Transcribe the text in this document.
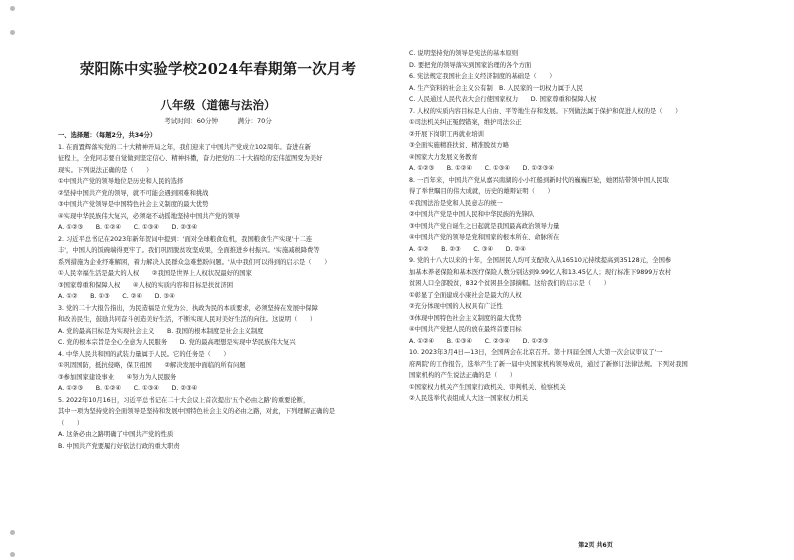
荥阳陈中实验学校2024年春期第一次月考
八年级（道德与法治）
考试时间：60分钟　　　满分：70分
一、选择题：（每题2分，共34分）
1. 在面置辉落实党的二十大精神开局之年，我们迎来了中国共产党成立102周年。奋进在新
征程上，全党同志要自觉做到坚定信心、精神抖擞，奋力把党的二十大描绘的宏伟蓝图变为美好
现实。下列说法正确的是（　　）
①中国共产党的领导地位是历史和人民的选择
②坚持中国共产党的领导，就不可能会遇到困难和挑战
③中国共产党领导是中国特色社会主义制度的最大优势
④实现中华民族伟大复兴，必须毫不动摇地坚持中国共产党的领导
A. ①②③　　B. ①②④　　C. ①③④　　D. ②③④
2. 习近平总书记在2023年新年贺词中提到：'面对全球粮食危机，我国粮食生产实现'十二连
丰'，中国人的饭碗端得更牢了。我们巩固脱贫攻坚成果，全面推进乡村振兴。'实施减税降费等
系列措施为企业纾难解困，着力解决人民群众急难愁盼问题。'从中我们可以得到的启示是（　　）
①人民幸福生活是最大的人权　　②我国是世界上人权状况最好的国家
③国家尊重和保障人权　　④人权的实质内容和目标是扶贫济困
A. ①②　　B. ①③　　C. ②④　　D. ③④
3. 党的二十大报告指出，为民造福是立党为公、执政为民的本质要求，必须坚持在发展中保障
和改善民生，鼓励共同奋斗创造美好生活，不断实现人民对美好生活的向往。这说明（　　）
A. 党的最高目标是为实现社会主义　　B. 我国的根本制度是社会主义制度
C. 党的根本宗旨是全心全意为人民服务　　D. 党的最高理想是实现中华民族伟大复兴
4. 中华人民共和国的武装力量属于人民。它的任务是（　　）
①巩固国防，抵抗侵略，保卫祖国　　②解决发展中面临的所有问题
③参加国家建设事业　　④努力为人民服务
A. ①②③　　B. ①②④　　C. ①③④　　D. ②③④
5. 2022年10月16日，习近平总书记在二十大会议上首次提出'五个必由之路'的重要论断，
其中一项为坚持党的全面领导是坚持和发展中国特色社会主义的必由之路，对此，下列理解正确的是
（　　）
A. 这条必由之路明确了中国共产党的性质
B. 中国共产党要履行好依法行政的重大职责
C. 说明坚持党的领导是宪法的基本原则
D. 要把党的领导落实到国家治理的各个方面
6. 宪法规定我国社会主义经济制度的基础是（　　）
A. 生产资料的社会主义公有制　B. 人民家的一切权力属于人民
C. 人民通过人民代表大会行使国家权力　　D. 国家尊重和保障人权
7. 人权的实质内容目标是人自由、平等地生存和发展。下列做法属于保护和促进人权的是（　　）
①司法机关纠正冤假错案，维护司法公正
②开展下岗职工再就业培训
③全面实施精准扶贫、精准脱贫方略
④国家大力发展义务教育
A. ①②③　　B. ①②④　　C. ①③④　　D. ①②③④
8. 一百年来，中国共产党从嘉兴南湖的小小红船到新时代的巍巍巨轮，她团结带领中国人民取
得了举世瞩目的伟大成就，历史的雄辩证明（　　）
①我国法治是党和人民意志的统一
②中国共产党是中国人民和中华民族的先锋队
③中国共产党自诞生之日起就是我国最高政治领导力量
④中国共产党的领导是党和国家的根本所在、命脉所在
A. ①②　　B. ②③　　C. ③④　　D. ②④
9. 党的十八大以来的十年，全国居民人均可支配收入从16510元持续提高到35128元，全国参
加基本养老保险和基本医疗保险人数分别达到9.99亿人和13.45亿人；现行标准下9899万农村
贫困人口全部脱贫，832个贫困县全部摘帽。这给我们的启示是（　　）
①彰显了全面建成小康社会是最大的人权
②充分体现中国的人权具有广泛性
③体现中国特色社会主义制度的最大优势
④中国共产党把人民的放在最终首要目标
A. ①②④　　B. ①③④　　C. ②③④　　D. ①②③
10. 2023年3月4日—13日，全国两会在北京召开。第十四届全国人大第一次会议审议了'一
府两院'的工作报告，选举产生了新一届中央国家机构领导成员，通过了新修订法律法规。下列对我国
国家机构的产生说法正确的是（　　）
①国家权力机关产生国家行政机关、审判机关、检察机关
②人民选举代表组成人大这一国家权力机关
第2页 共6页
